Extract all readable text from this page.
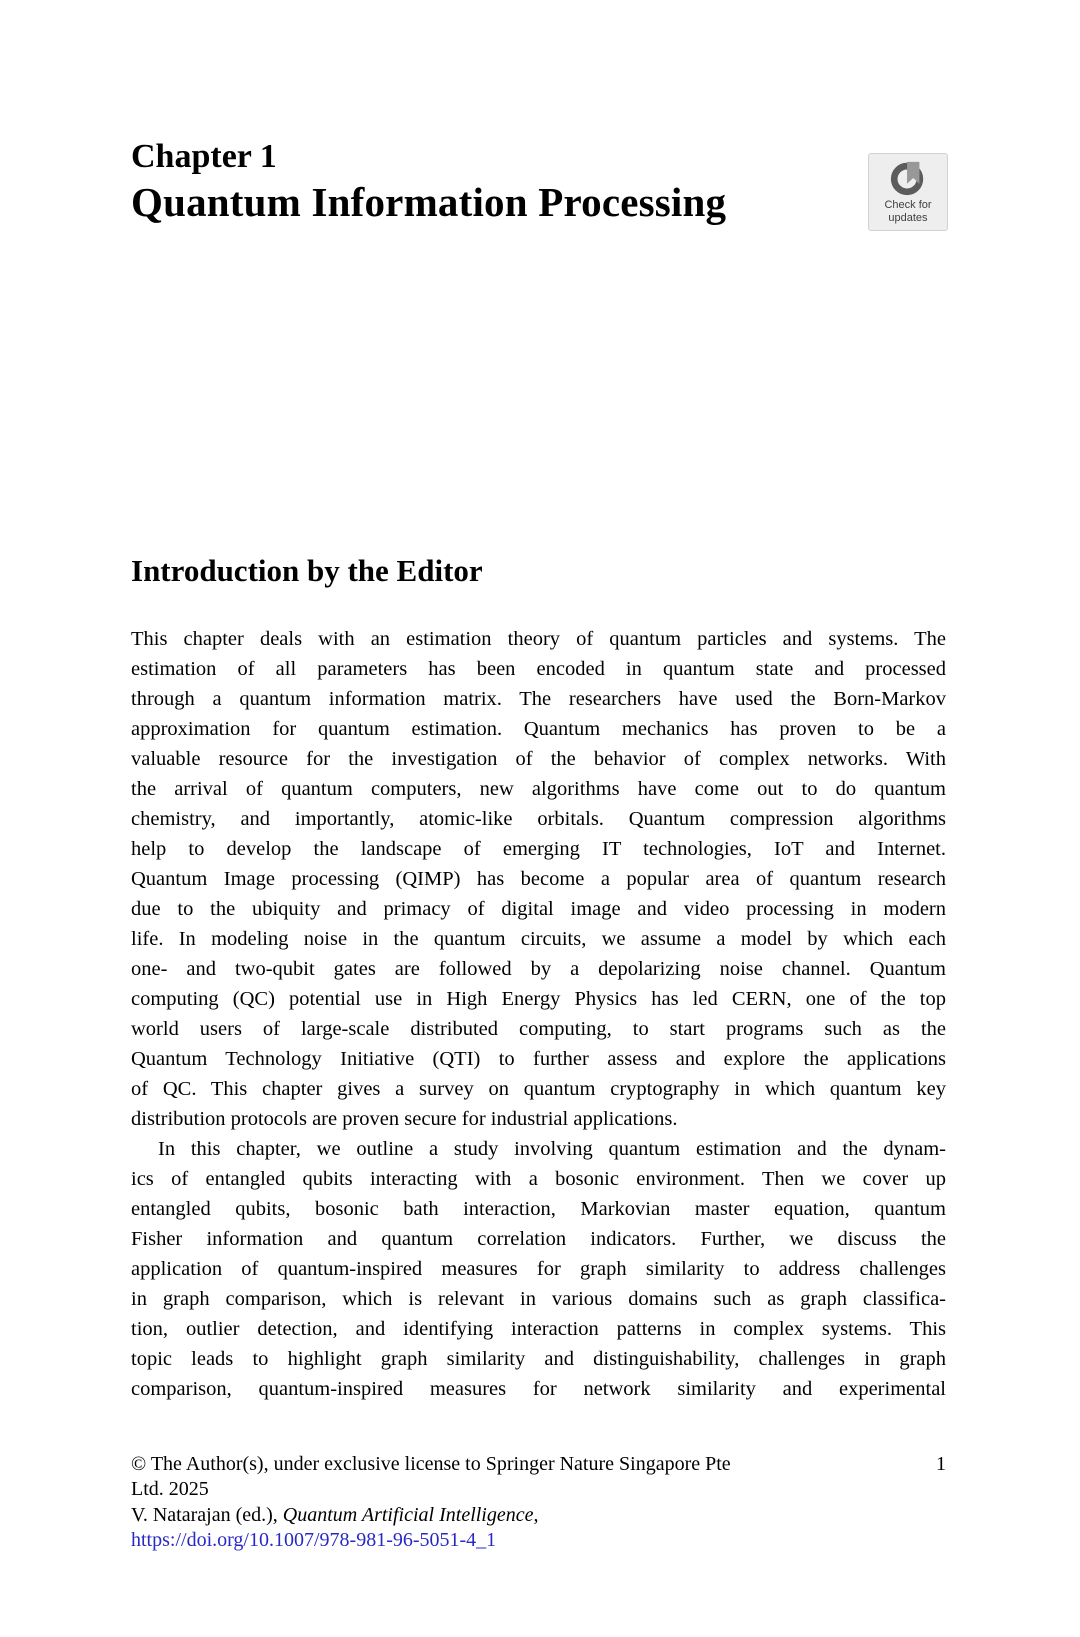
Chapter 1
Quantum Information Processing	Check for
updates
Introduction by the Editor
This chapter deals with an estimation theory of quantum particles and systems. The
estimation of all parameters has been encoded in quantum state and processed
through a quantum information matrix. The researchers have used the Born-Markov
approximation for quantum estimation. Quantum mechanics has proven to be a
valuable resource for the investigation of the behavior of complex networks. With
the arrival of quantum computers, new algorithms have come out to do quantum
chemistry, and importantly, atomic-like orbitals. Quantum compression algorithms
help to develop the landscape of emerging IT technologies, IoT and Internet.
Quantum Image processing (QIMP) has become a popular area of quantum research
due to the ubiquity and primacy of digital image and video processing in modern
life. In modeling noise in the quantum circuits, we assume a model by which each
one- and two-qubit gates are followed by a depolarizing noise channel. Quantum
computing (QC) potential use in High Energy Physics has led CERN, one of the top
world users of large-scale distributed computing, to start programs such as the
Quantum Technology Initiative (QTI) to further assess and explore the applications
of QC. This chapter gives a survey on quantum cryptography in which quantum key
distribution protocols are proven secure for industrial applications.
In this chapter, we outline a study involving quantum estimation and the dynam-
ics of entangled qubits interacting with a bosonic environment. Then we cover up
entangled qubits, bosonic bath interaction, Markovian master equation, quantum
Fisher information and quantum correlation indicators. Further, we discuss the
application of quantum-inspired measures for graph similarity to address challenges
in graph comparison, which is relevant in various domains such as graph classifica-
tion, outlier detection, and identifying interaction patterns in complex systems. This
topic leads to highlight graph similarity and distinguishability, challenges in graph
comparison, quantum-inspired measures for network similarity and experimental
© The Author(s), under exclusive license to Springer Nature Singapore Pte	1
Ltd. 2025
V. Natarajan (ed.), Quantum Artificial Intelligence,
https://doi.org/10.1007/978-981-96-5051-4_1
